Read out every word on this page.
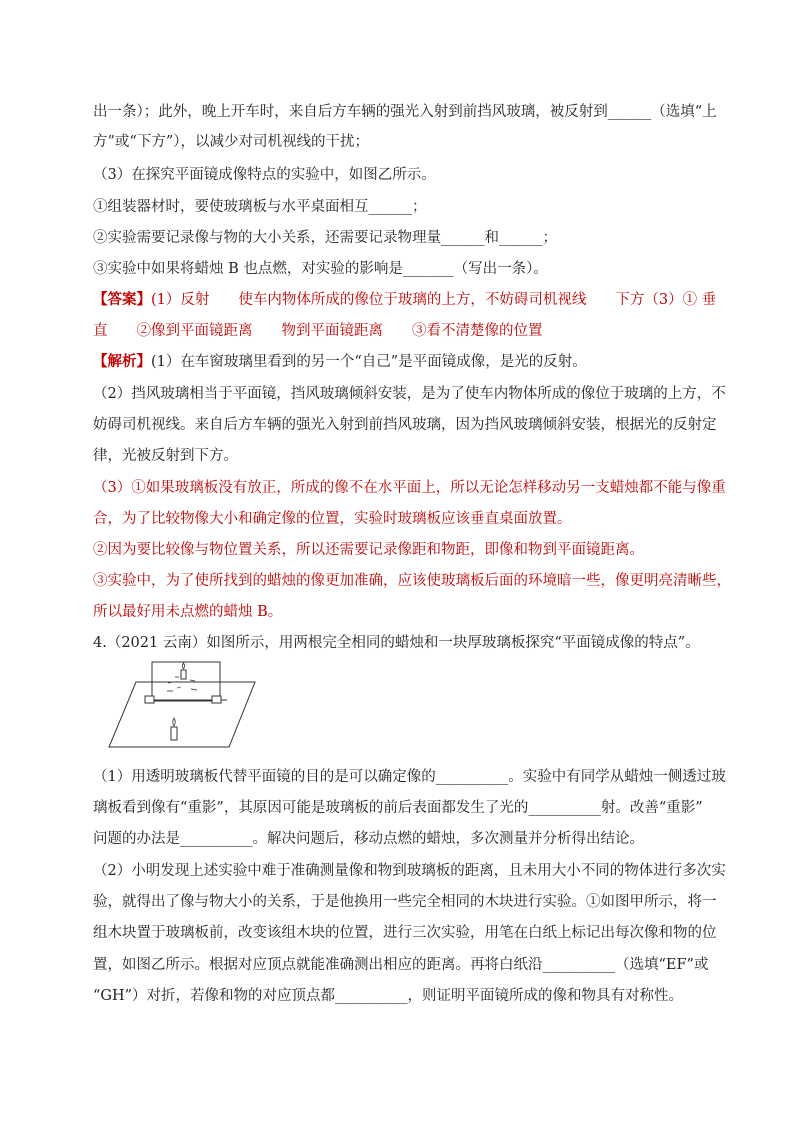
出一条）；此外，晚上开车时，来自后方车辆的强光入射到前挡风玻璃，被反射到______（选填“上
方”或“下方”），以减少对司机视线的干扰；
（3）在探究平面镜成像特点的实验中，如图乙所示。
①组装器材时，要使玻璃板与水平桌面相互______；
②实验需要记录像与物的大小关系，还需要记录物理量______和______；
③实验中如果将蜡烛 B 也点燃，对实验的影响是_______（写出一条）。
【答案】(1）反射　　使车内物体所成的像位于玻璃的上方，不妨碍司机视线　　下方（3）① 垂
直　　②像到平面镜距离　　物到平面镜距离　　③看不清楚像的位置
【解析】(1）在车窗玻璃里看到的另一个“自己”是平面镜成像，是光的反射。
（2）挡风玻璃相当于平面镜，挡风玻璃倾斜安装，是为了使车内物体所成的像位于玻璃的上方，不
妨碍司机视线。来自后方车辆的强光入射到前挡风玻璃，因为挡风玻璃倾斜安装，根据光的反射定
律，光被反射到下方。
（3）①如果玻璃板没有放正，所成的像不在水平面上，所以无论怎样移动另一支蜡烛都不能与像重
合，为了比较物像大小和确定像的位置，实验时玻璃板应该垂直桌面放置。
②因为要比较像与物位置关系，所以还需要记录像距和物距，即像和物到平面镜距离。
③实验中，为了使所找到的蜡烛的像更加准确，应该使玻璃板后面的环境暗一些，像更明亮清晰些，
所以最好用未点燃的蜡烛 B。
4.（2021 云南）如图所示，用两根完全相同的蜡烛和一块厚玻璃板探究“平面镜成像的特点”。
（1）用透明玻璃板代替平面镜的目的是可以确定像的__________。实验中有同学从蜡烛一侧透过玻
璃板看到像有“重影”，其原因可能是玻璃板的前后表面都发生了光的__________射。改善“重影”
问题的办法是__________。解决问题后，移动点燃的蜡烛，多次测量并分析得出结论。
（2）小明发现上述实验中难于准确测量像和物到玻璃板的距离，且未用大小不同的物体进行多次实
验，就得出了像与物大小的关系，于是他换用一些完全相同的木块进行实验。①如图甲所示，将一
组木块置于玻璃板前，改变该组木块的位置，进行三次实验，用笔在白纸上标记出每次像和物的位
置，如图乙所示。根据对应顶点就能准确测出相应的距离。再将白纸沿__________（选填“EF”或
“GH”）对折，若像和物的对应顶点都__________，则证明平面镜所成的像和物具有对称性。
